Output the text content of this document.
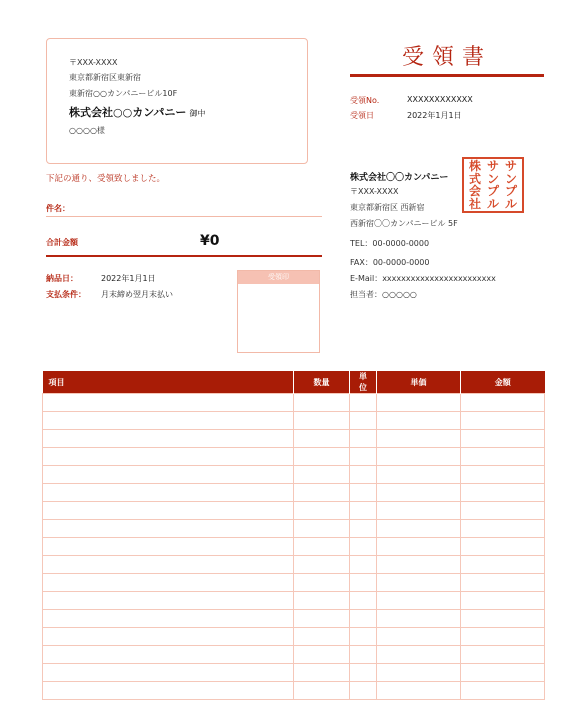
〒XXX-XXXX
東京都新宿区東新宿
東新宿○○カンパニービル10F
株式会社○○カンパニー 御中
○○○○様
受領書
受領No.	XXXXXXXXXXXX
受領日	2022年1月1日
下記の通り、受領致しました。
件名：
合計金額	¥0
納品日：	2022年1月1日
支払条件： 月末締め翌月末払い
受領印
株式会社〇〇カンパニー
〒XXX-XXXX
東京都新宿区 西新宿
西新宿〇〇カンパニービル 5F
TEL：00-0000-0000
FAX：00-0000-0000
E-Mail：xxxxxxxxxxxxxxxxxxxxxxxx
担当者：○○○○○
株
式
会
社
サ
ン
プ
ル
サ
ン
プ
ル
項目	数量	単位	単価	金額
